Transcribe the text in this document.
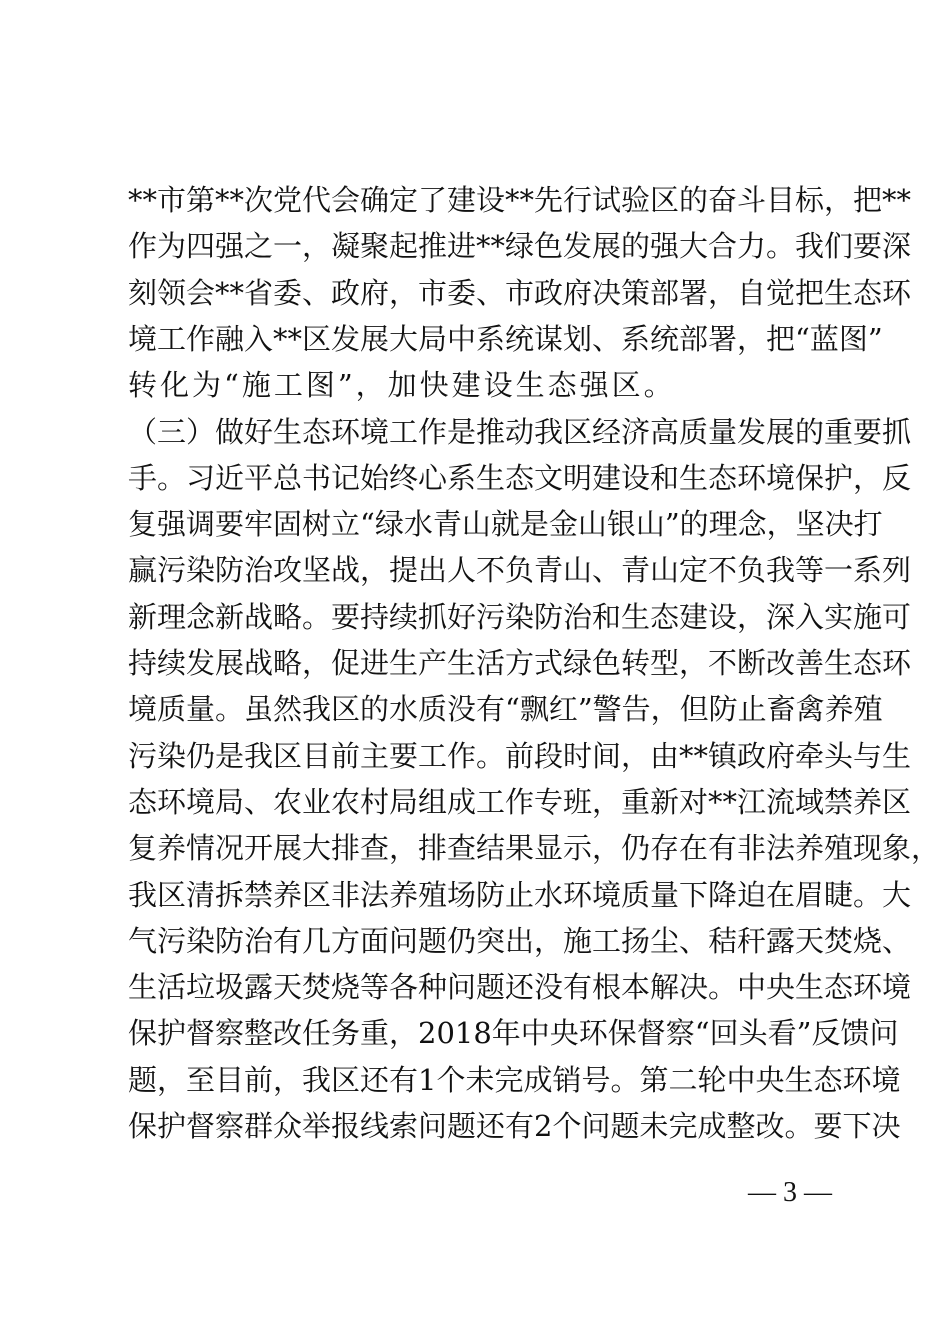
**市第**次党代会确定了建设**先行试验区的奋斗目标，把**
作为四强之一，凝聚起推进**绿色发展的强大合力。我们要深
刻领会**省委、政府，市委、市政府决策部署，自觉把生态环
境工作融入**区发展大局中系统谋划、系统部署，把“蓝图”
转化为“施工图”，加快建设生态强区。
（三）做好生态环境工作是推动我区经济高质量发展的重要抓
手。习近平总书记始终心系生态文明建设和生态环境保护，反
复强调要牢固树立“绿水青山就是金山银山”的理念，坚决打
赢污染防治攻坚战，提出人不负青山、青山定不负我等一系列
新理念新战略。要持续抓好污染防治和生态建设，深入实施可
持续发展战略，促进生产生活方式绿色转型，不断改善生态环
境质量。虽然我区的水质没有“飘红”警告，但防止畜禽养殖
污染仍是我区目前主要工作。前段时间，由**镇政府牵头与生
态环境局、农业农村局组成工作专班，重新对**江流域禁养区
复养情况开展大排查，排查结果显示，仍存在有非法养殖现象，
我区清拆禁养区非法养殖场防止水环境质量下降迫在眉睫。大
气污染防治有几方面问题仍突出，施工扬尘、秸秆露天焚烧、
生活垃圾露天焚烧等各种问题还没有根本解决。中央生态环境
保护督察整改任务重，2018年中央环保督察“回头看”反馈问
题，至目前，我区还有1个未完成销号。第二轮中央生态环境
保护督察群众举报线索问题还有2个问题未完成整改。要下决
— 3 —
